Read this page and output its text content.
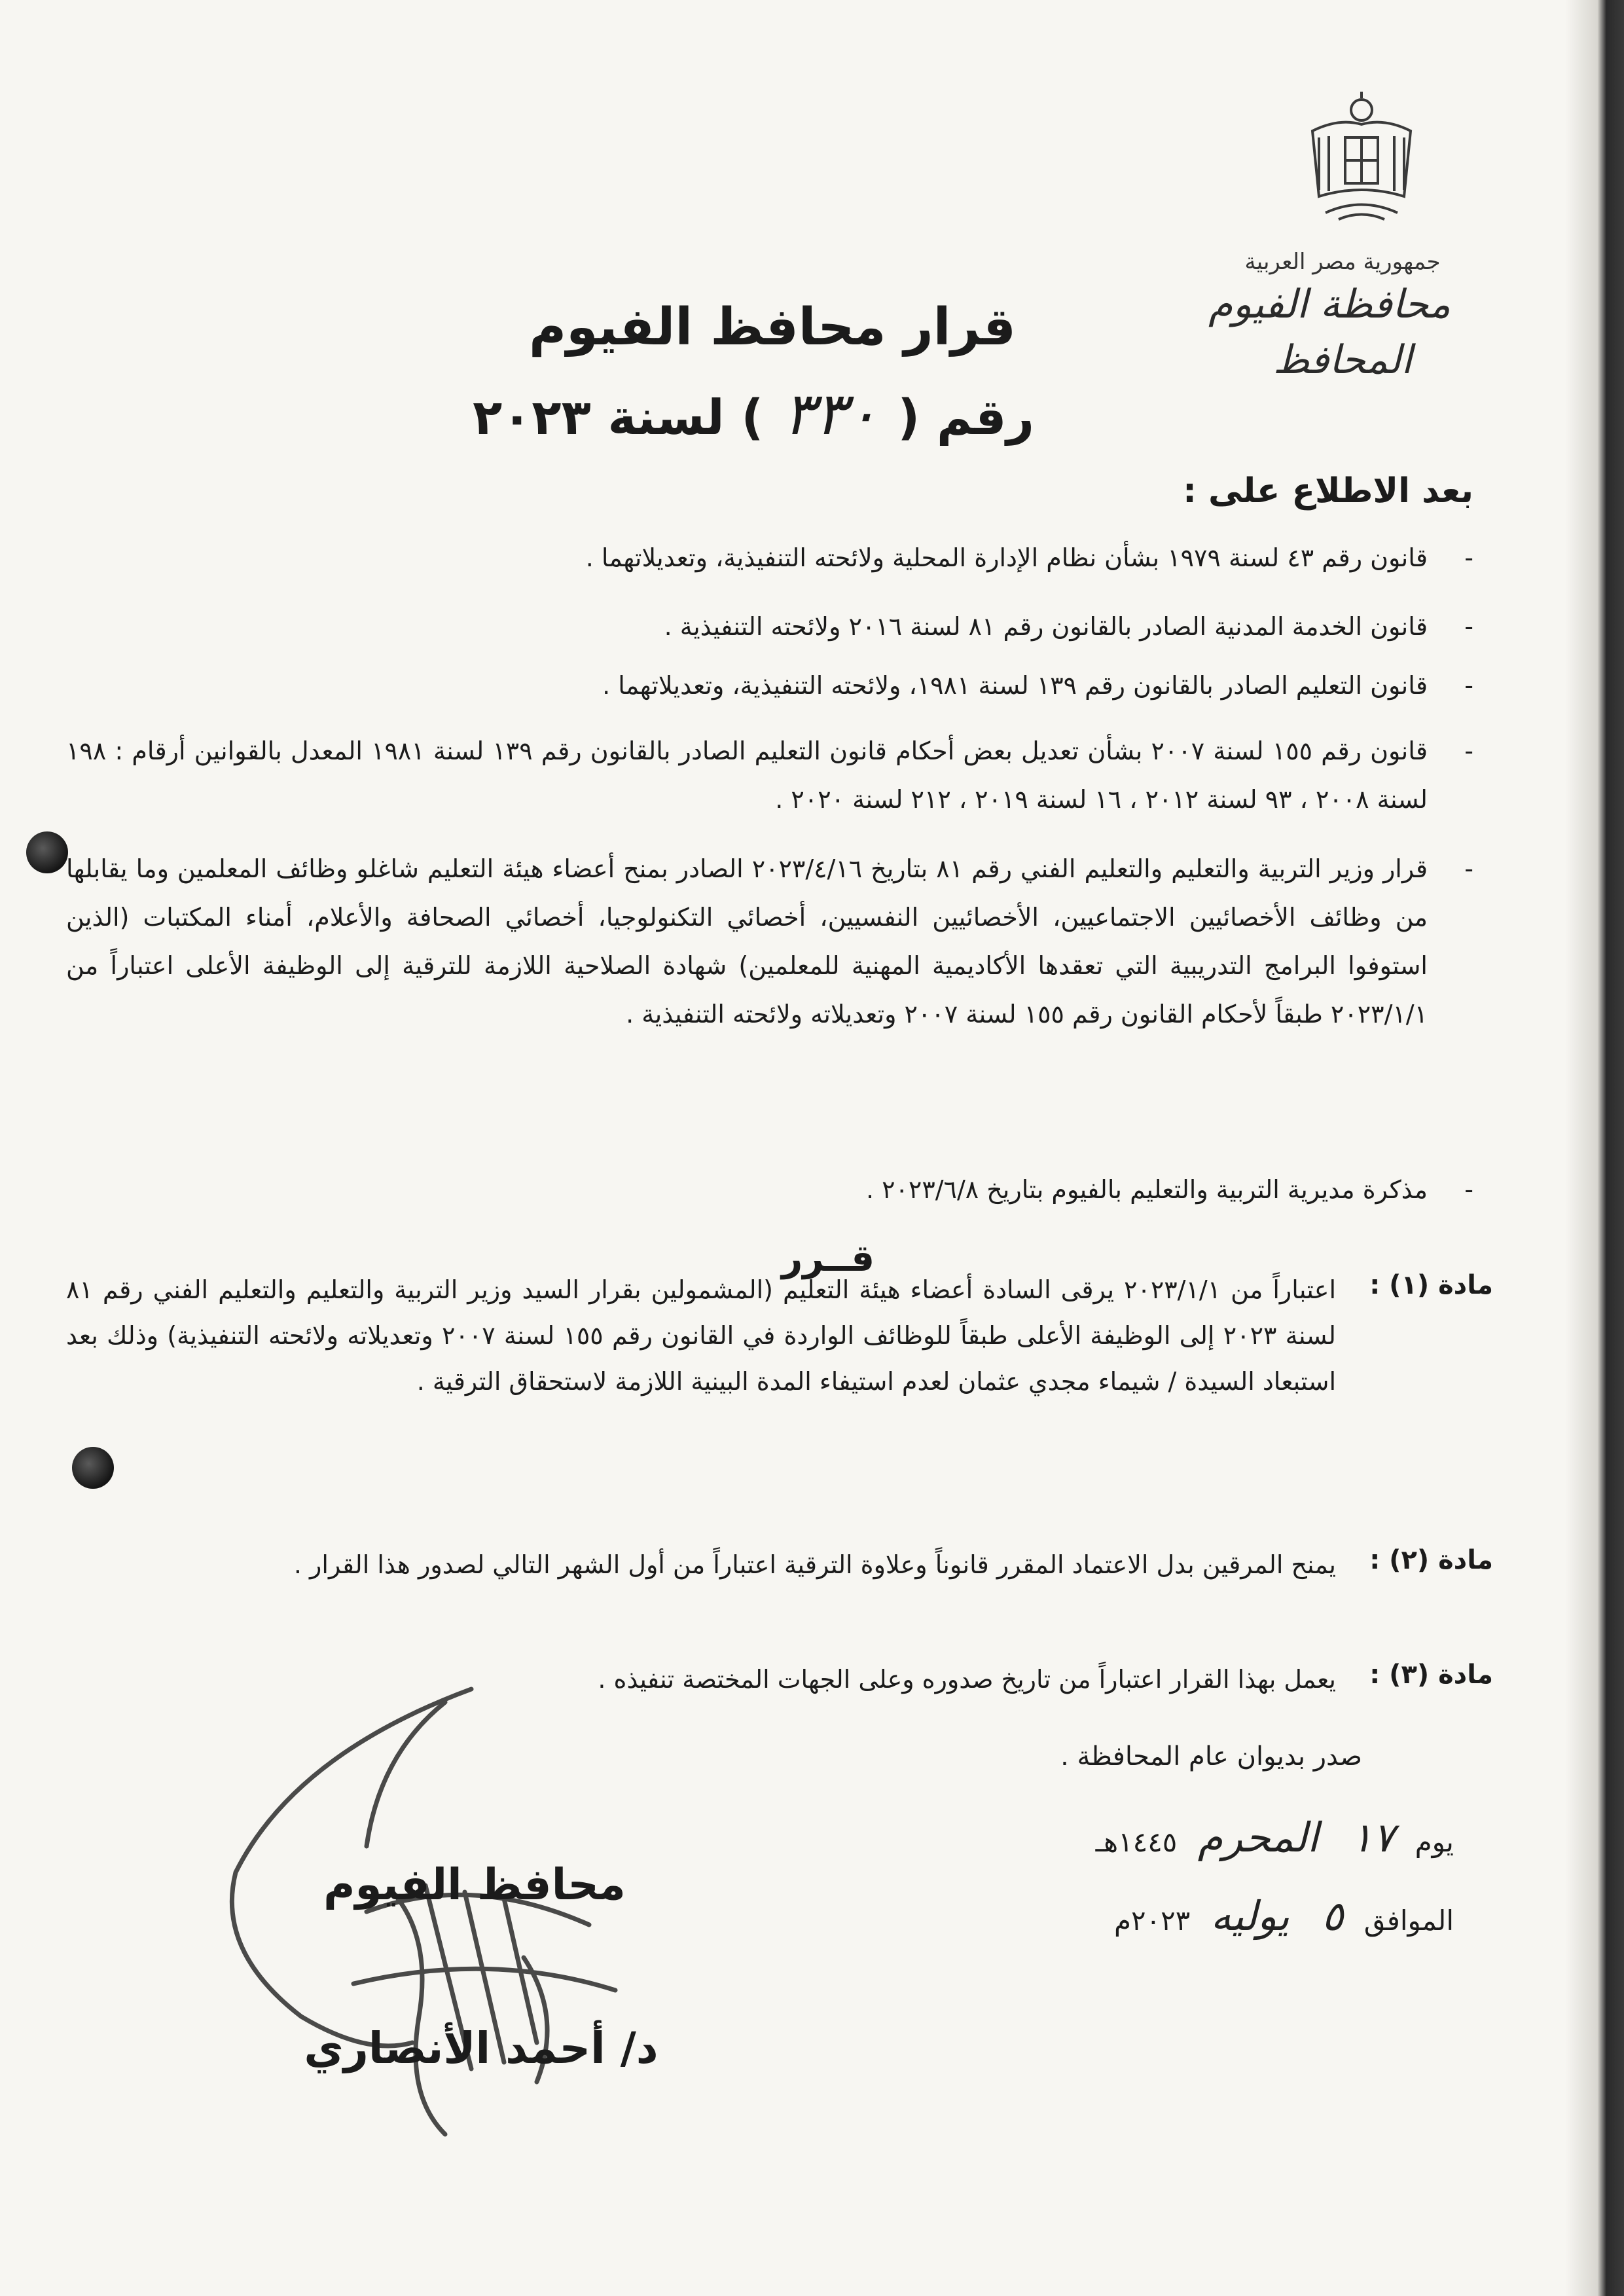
جمهورية مصر العربية
محافظة الفيوم
المحافظ
قرار محافظ الفيوم
رقم (٣٣٠) لسنة ٢٠٢٣
بعد الاطلاع على :
-
قانون رقم ٤٣ لسنة ١٩٧٩ بشأن نظام الإدارة المحلية ولائحته التنفيذية، وتعديلاتهما .
-
قانون الخدمة المدنية الصادر بالقانون رقم ٨١ لسنة ٢٠١٦ ولائحته التنفيذية .
-
قانون التعليم الصادر بالقانون رقم ١٣٩ لسنة ١٩٨١، ولائحته التنفيذية، وتعديلاتهما .
-
قانون رقم ١٥٥ لسنة ٢٠٠٧ بشأن تعديل بعض أحكام قانون التعليم الصادر بالقانون رقم ١٣٩ لسنة ١٩٨١ المعدل بالقوانين أرقام : ١٩٨ لسنة ٢٠٠٨ ، ٩٣ لسنة ٢٠١٢ ، ١٦ لسنة ٢٠١٩ ، ٢١٢ لسنة ٢٠٢٠ .
-
قرار وزير التربية والتعليم والتعليم الفني رقم ٨١ بتاريخ ٢٠٢٣/٤/١٦ الصادر بمنح أعضاء هيئة التعليم شاغلو وظائف المعلمين وما يقابلها من وظائف الأخصائيين الاجتماعيين، الأخصائيين النفسيين، أخصائي التكنولوجيا، أخصائي الصحافة والأعلام، أمناء المكتبات (الذين استوفوا البرامج التدريبية التي تعقدها الأكاديمية المهنية للمعلمين) شهادة الصلاحية اللازمة للترقية إلى الوظيفة الأعلى اعتباراً من ٢٠٢٣/١/١ طبقاً لأحكام القانون رقم ١٥٥ لسنة ٢٠٠٧ وتعديلاته ولائحته التنفيذية .
-
مذكرة مديرية التربية والتعليم بالفيوم بتاريخ ٢٠٢٣/٦/٨ .
قــرر
مادة (١) :
اعتباراً من ٢٠٢٣/١/١ يرقى السادة أعضاء هيئة التعليم (المشمولين بقرار السيد وزير التربية والتعليم والتعليم الفني رقم ٨١ لسنة ٢٠٢٣ إلى الوظيفة الأعلى طبقاً للوظائف الواردة في القانون رقم ١٥٥ لسنة ٢٠٠٧ وتعديلاته ولائحته التنفيذية) وذلك بعد استبعاد السيدة / شيماء مجدي عثمان لعدم استيفاء المدة البينية اللازمة لاستحقاق الترقية .
مادة (٢) :
يمنح المرقين بدل الاعتماد المقرر قانوناً وعلاوة الترقية اعتباراً من أول الشهر التالي لصدور هذا القرار .
مادة (٣) :
يعمل بهذا القرار اعتباراً من تاريخ صدوره وعلى الجهات المختصة تنفيذه .
صدر بديوان عام المحافظة .
يوم ١٧ المحرم ١٤٤٥هـ
الموافق ٥ يوليه ٢٠٢٣م
محافظ الفيوم
د/ أحمد الأنصاري
